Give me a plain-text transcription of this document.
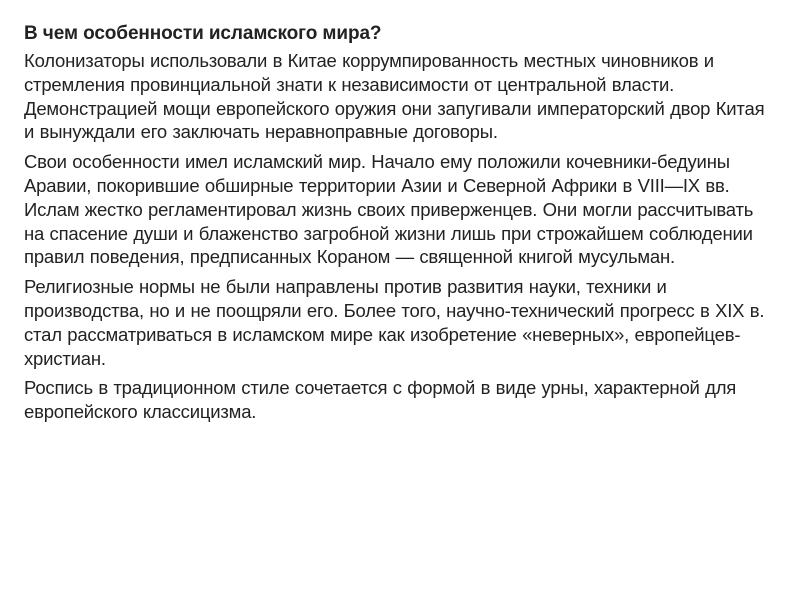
В чем особенности исламского мира?

Колонизаторы использовали в Китае коррумпированность местных чиновников и стремления провинциальной знати к независимости от центральной власти. Демонстрацией мощи европейского оружия они запугивали императорский двор Китая и вынуждали его заключать неравноправные договоры.

Свои особенности имел исламский мир. Начало ему положили кочевники-бедуины Аравии, покорившие обширные территории Азии и Северной Африки в VIII—IX вв. Ислам жестко регламентировал жизнь своих приверженцев. Они могли рассчитывать на спасение души и блаженство загробной жизни лишь при строжайшем соблюдении правил поведения, предписанных Кораном — священной книгой мусульман.

Религиозные нормы не были направлены против развития науки, техники и производства, но и не поощряли его. Более того, научно-технический прогресс в XIX в. стал рассматриваться в исламском мире как изобретение «неверных», европейцев-христиан.

Роспись в традиционном стиле сочетается с формой в виде урны, характерной для европейского классицизма.
